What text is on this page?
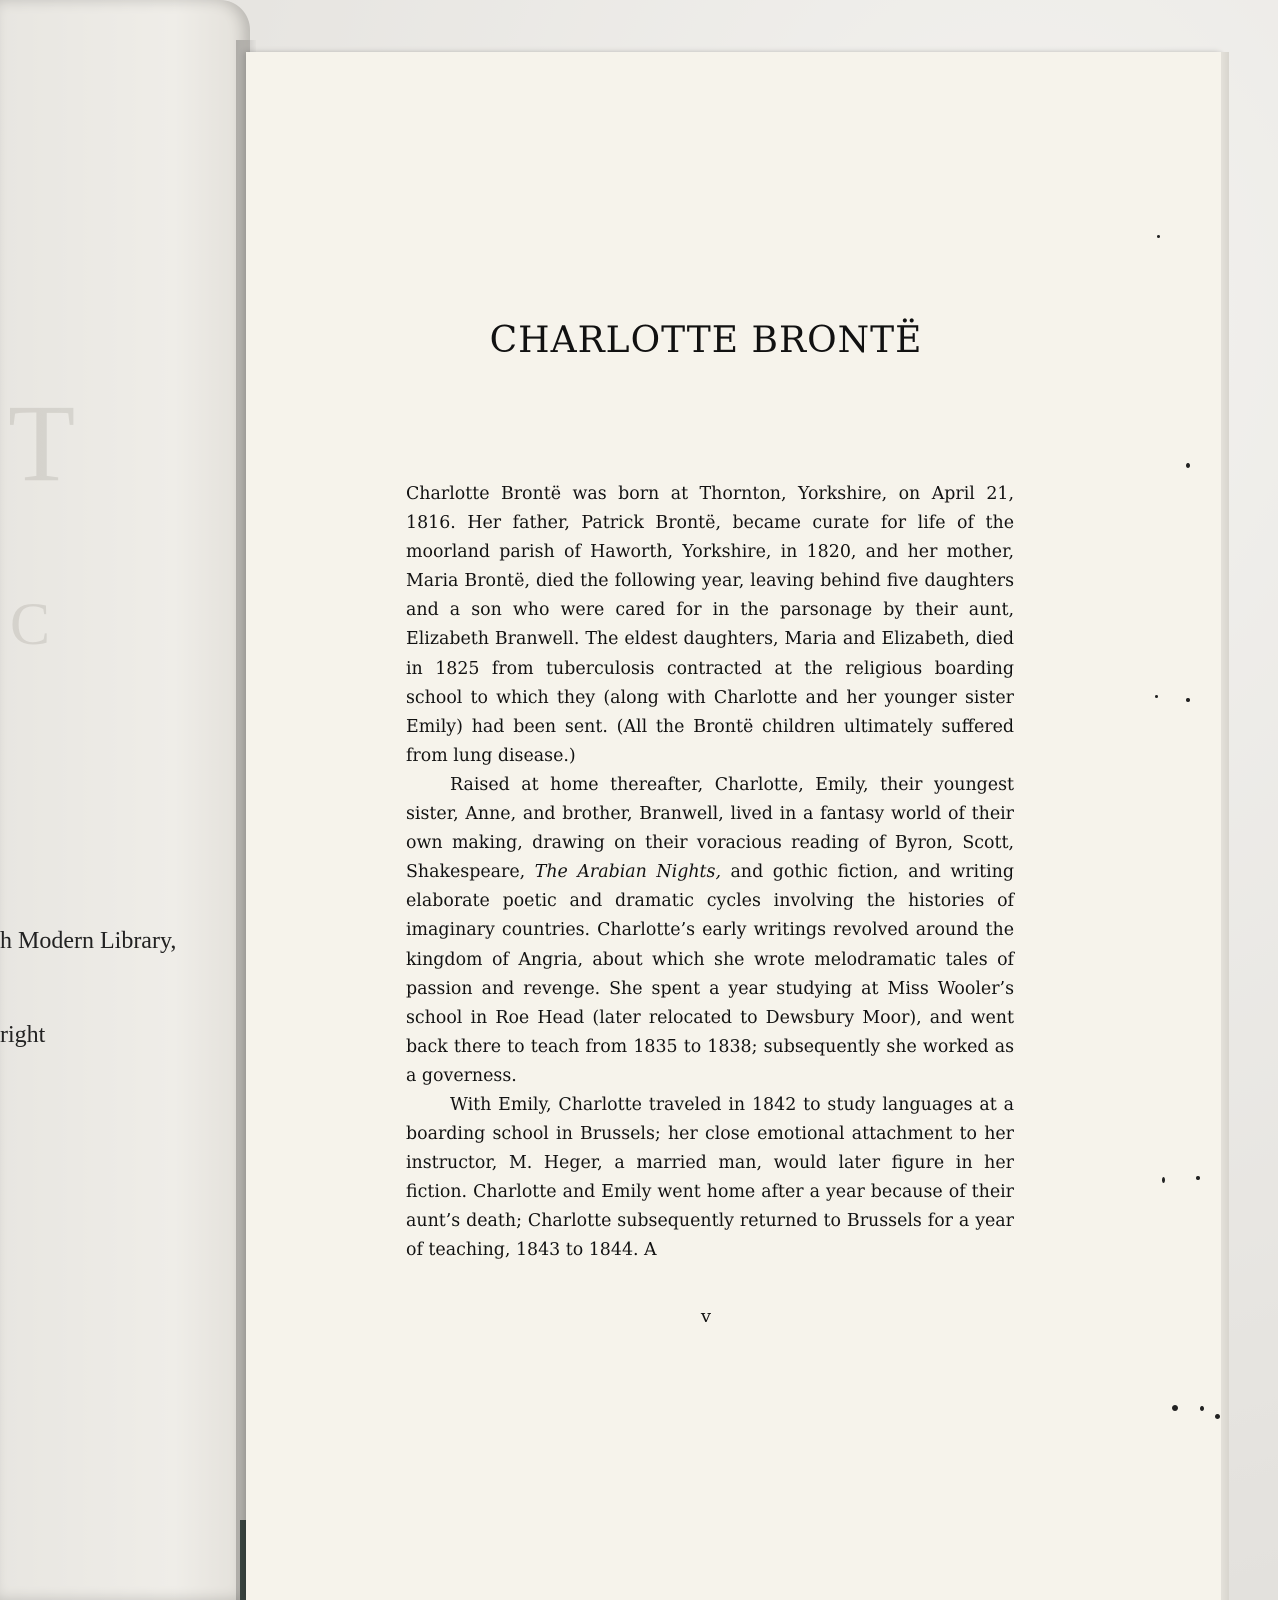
T
C
h Modern Library,
right
CHARLOTTE BRONTË

Charlotte Brontë was born at Thornton, Yorkshire, on April 21, 1816. Her father, Patrick Brontë, became curate for life of the moorland parish of Haworth, Yorkshire, in 1820, and her mother, Maria Brontë, died the following year, leaving behind five daughters and a son who were cared for in the parsonage by their aunt, Elizabeth Branwell. The eldest daughters, Maria and Elizabeth, died in 1825 from tuberculosis contracted at the religious boarding school to which they (along with Charlotte and her younger sister Emily) had been sent. (All the Brontë children ultimately suffered from lung disease.)

Raised at home thereafter, Charlotte, Emily, their youngest sister, Anne, and brother, Branwell, lived in a fantasy world of their own making, drawing on their voracious reading of Byron, Scott, Shakespeare, The Arabian Nights, and gothic fiction, and writing elaborate poetic and dramatic cycles involving the histories of imaginary countries. Charlotte’s early writings revolved around the kingdom of Angria, about which she wrote melodramatic tales of passion and revenge. She spent a year studying at Miss Wooler’s school in Roe Head (later relocated to Dewsbury Moor), and went back there to teach from 1835 to 1838; subsequently she worked as a governess.

With Emily, Charlotte traveled in 1842 to study languages at a boarding school in Brussels; her close emotional attachment to her instructor, M. Heger, a married man, would later figure in her fiction. Charlotte and Emily went home after a year because of their aunt’s death; Charlotte subsequently returned to Brussels for a year of teaching, 1843 to 1844. A

v
